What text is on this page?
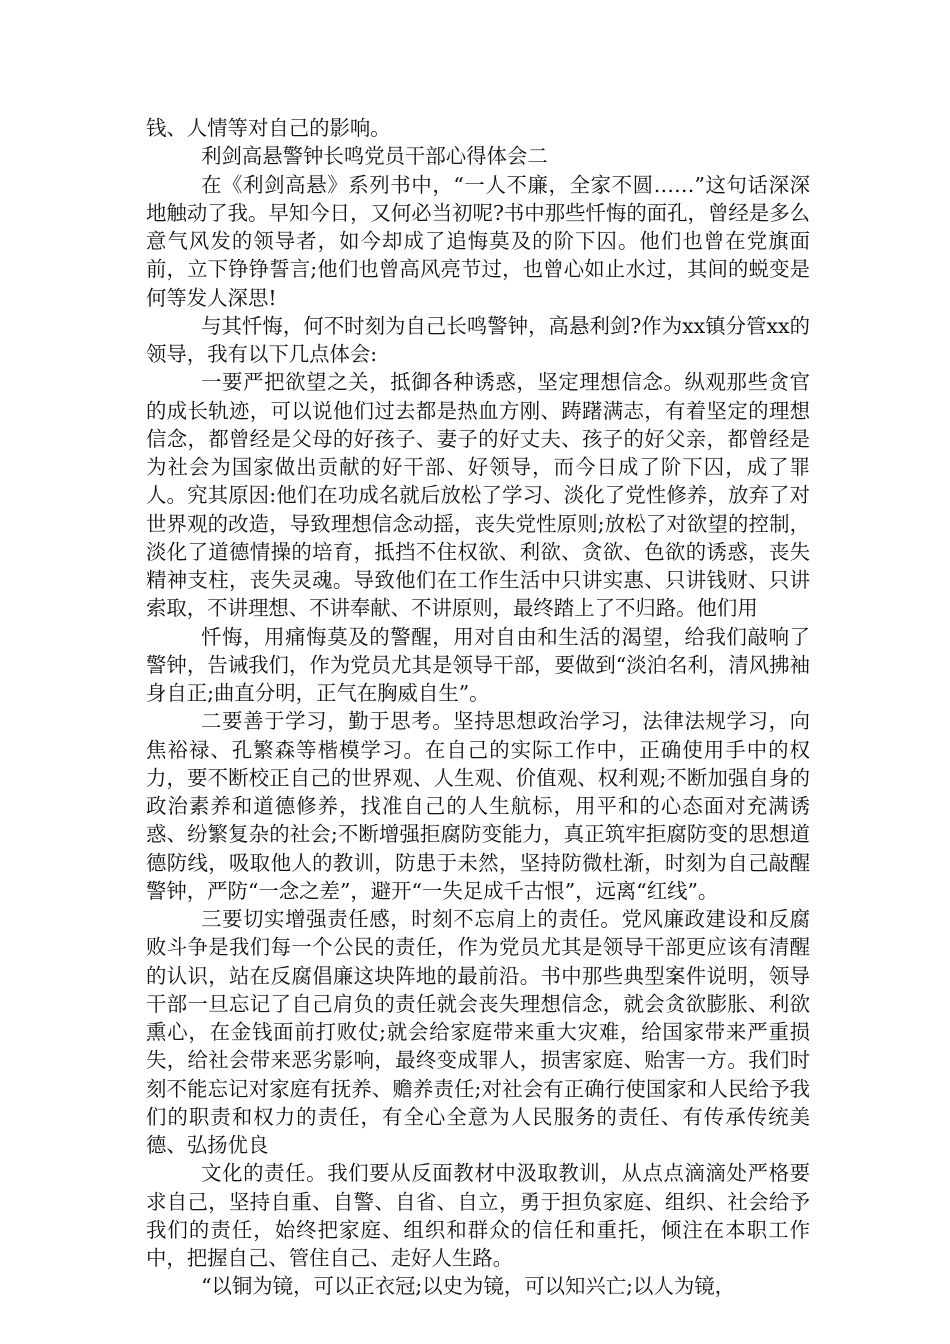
钱、人情等对自己的影响。

利剑高悬警钟长鸣党员干部心得体会二

在《利剑高悬》系列书中，“一人不廉，全家不圆……”这句话深深地触动了我。早知今日，又何必当初呢?书中那些忏悔的面孔，曾经是多么意气风发的领导者，如今却成了追悔莫及的阶下囚。他们也曾在党旗面前，立下铮铮誓言;他们也曾高风亮节过，也曾心如止水过，其间的蜕变是何等发人深思!

与其忏悔，何不时刻为自己长鸣警钟，高悬利剑?作为xx镇分管xx的领导，我有以下几点体会:

一要严把欲望之关，抵御各种诱惑，坚定理想信念。纵观那些贪官的成长轨迹，可以说他们过去都是热血方刚、踌躇满志，有着坚定的理想信念，都曾经是父母的好孩子、妻子的好丈夫、孩子的好父亲，都曾经是为社会为国家做出贡献的好干部、好领导，而今日成了阶下囚，成了罪人。究其原因:他们在功成名就后放松了学习、淡化了党性修养，放弃了对世界观的改造，导致理想信念动摇，丧失党性原则;放松了对欲望的控制，淡化了道德情操的培育，抵挡不住权欲、利欲、贪欲、色欲的诱惑，丧失精神支柱，丧失灵魂。导致他们在工作生活中只讲实惠、只讲钱财、只讲索取，不讲理想、不讲奉献、不讲原则，最终踏上了不归路。他们用

忏悔，用痛悔莫及的警醒，用对自由和生活的渴望，给我们敲响了警钟，告诫我们，作为党员尤其是领导干部，要做到“淡泊名利，清风拂袖身自正;曲直分明，正气在胸威自生”。

二要善于学习，勤于思考。坚持思想政治学习，法律法规学习，向焦裕禄、孔繁森等楷模学习。在自己的实际工作中，正确使用手中的权力，要不断校正自己的世界观、人生观、价值观、权利观;不断加强自身的政治素养和道德修养，找准自己的人生航标，用平和的心态面对充满诱惑、纷繁复杂的社会;不断增强拒腐防变能力，真正筑牢拒腐防变的思想道德防线，吸取他人的教训，防患于未然，坚持防微杜渐，时刻为自己敲醒警钟，严防“一念之差”，避开“一失足成千古恨”，远离“红线”。

三要切实增强责任感，时刻不忘肩上的责任。党风廉政建设和反腐败斗争是我们每一个公民的责任，作为党员尤其是领导干部更应该有清醒的认识，站在反腐倡廉这块阵地的最前沿。书中那些典型案件说明，领导干部一旦忘记了自己肩负的责任就会丧失理想信念，就会贪欲膨胀、利欲熏心，在金钱面前打败仗;就会给家庭带来重大灾难，给国家带来严重损失，给社会带来恶劣影响，最终变成罪人，损害家庭、贻害一方。我们时刻不能忘记对家庭有抚养、赡养责任;对社会有正确行使国家和人民给予我们的职责和权力的责任，有全心全意为人民服务的责任、有传承传统美德、弘扬优良

文化的责任。我们要从反面教材中汲取教训，从点点滴滴处严格要求自己，坚持自重、自警、自省、自立，勇于担负家庭、组织、社会给予我们的责任，始终把家庭、组织和群众的信任和重托，倾注在本职工作中，把握自己、管住自己、走好人生路。

“以铜为镜，可以正衣冠;以史为镜，可以知兴亡;以人为镜，
